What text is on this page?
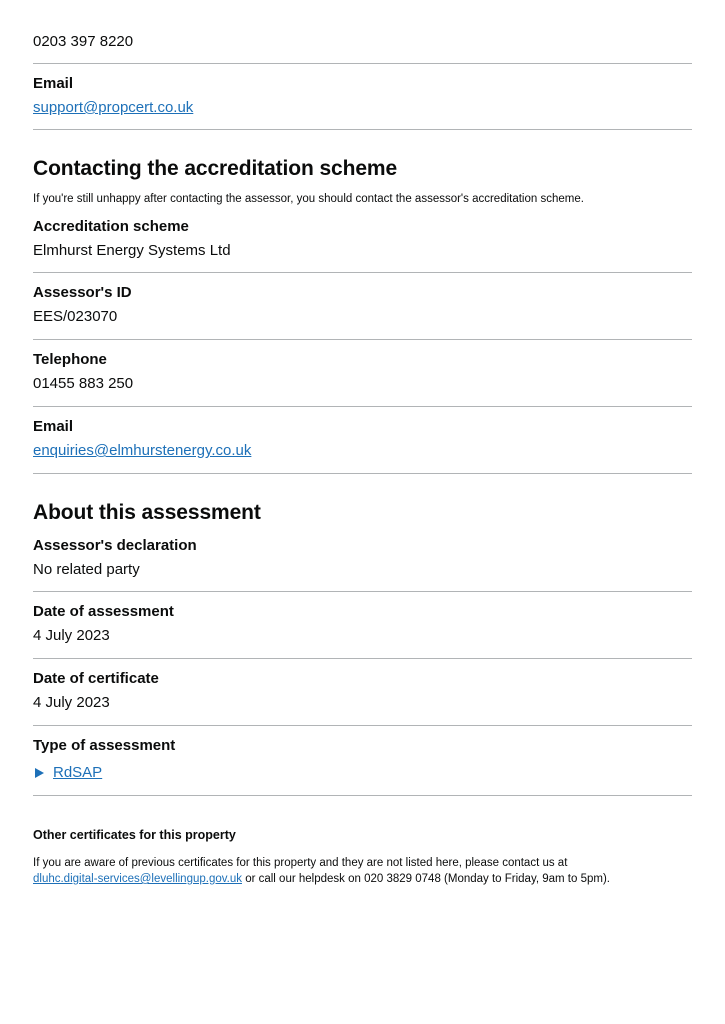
0203 397 8220

Email

support@propcert.co.uk
Contacting the accreditation scheme

If you're still unhappy after contacting the assessor, you should contact the assessor's accreditation scheme.

Accreditation scheme

Elmhurst Energy Systems Ltd

Assessor's ID

EES/023070

Telephone

01455 883 250

Email

enquiries@elmhurstenergy.co.uk
About this assessment

Assessor's declaration

No related party

Date of assessment

4 July 2023

Date of certificate

4 July 2023

Type of assessment

RdSAP

Other certificates for this property

If you are aware of previous certificates for this property and they are not listed here, please contact us at
dluhc.digital-services@levellingup.gov.uk or call our helpdesk on 020 3829 0748 (Monday to Friday, 9am to 5pm).
